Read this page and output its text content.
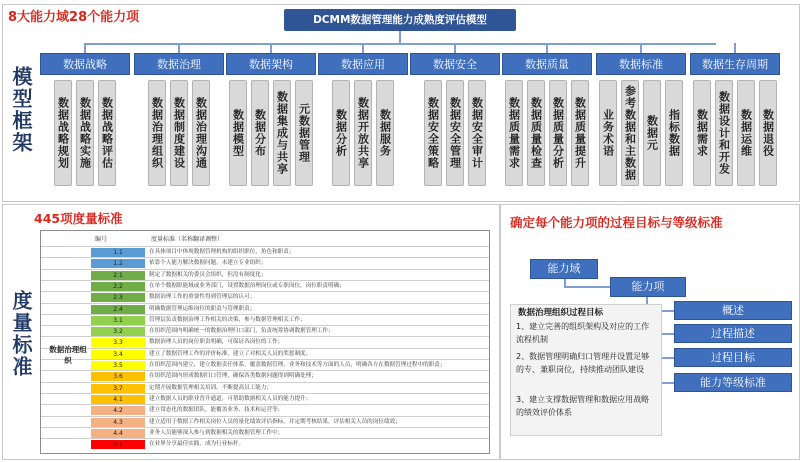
8大能力域28个能力项	DCMM数据管理能力成熟度评估模型
模型框架
数据战略
数据战略规划 数据战略实施 数据战略评估
数据治理
数据治理组织 数据制度建设 数据治理沟通
数据架构
数据模型 数据分布 数据集成与共享 元数据管理
数据应用
数据分析 数据开放共享 数据服务
数据安全
数据安全策略 数据安全管理 数据安全审计
数据质量
数据质量需求 数据质量检查 数据质量分析 数据质量提升
数据标准
业务术语 参考数据和主数据 数据元 指标数据
数据生存周期
数据需求 数据设计和开发 数据运维 数据退役
445项度量标准
度量标准
编号	度量标准（名称翻译调整）
1.1	在具体项目中体现数据管理机构的组织职位，角色和职责；
1.2	依靠个人能力解决数据问题，未建立专业组织；
2.1	制定了数据相关的委员会组织，但没有制度化；
2.2	在单个数据职能域或业务部门，设置数据治理岗位或专职岗位，岗位职责明确；
2.3	数据治理工作的重要性得到管理层的认可；
2.4	明确数据管理运维岗位的职责与管理职责；
3.1	管理层负责数据治理工作相关的决策，参与数据管理相关工作；
3.2	在组织范围内明确统一的数据治理归口部门，负责统筹协调数据管理工作；
3.3	数据治理人员的岗位职责明确，可保证各岗位的工作；
3.4	建立了数据管理工作的评价标准，建立了对相关人员的奖惩制度；
3.5	在组织范围内建立，建立数据责任体系，覆盖数据管理、业务和技术等方面的人员，明确各方在数据管理过程中的职责；
3.6	在组织范围内形成数据归口管理，确保各类数据问题得到明确处理；
3.7	定期开展数据管理相关培训，不断提高员工能力；
4.1	建立数据人员的职业晋升通道，可帮助数据相关人员的能力提升；
4.2	建立常态化的数据团队，能覆盖业务、技术和运营等；
4.3	建立适用于数据工作相关岗位人员的量化绩效评估指标，并定期考核结果，评估相关人员的岗位绩效；
4.4	业务人员能够深入参与到数据相关的数据管理工作中；
5.1	在业界分享最佳实践，成为行业标杆。
数据治理组织
确定每个能力项的过程目标与等级标准
能力域
能力项
概述
过程描述
过程目标
能力等级标准
数据治理组织过程目标
1、建立完善的组织架构及对应的工作流程机制
2、数据管理明确归口管理并设置足够的专、兼职岗位，持续推动团队建设
3、建立支撑数据管理和数据应用战略的绩效评价体系
